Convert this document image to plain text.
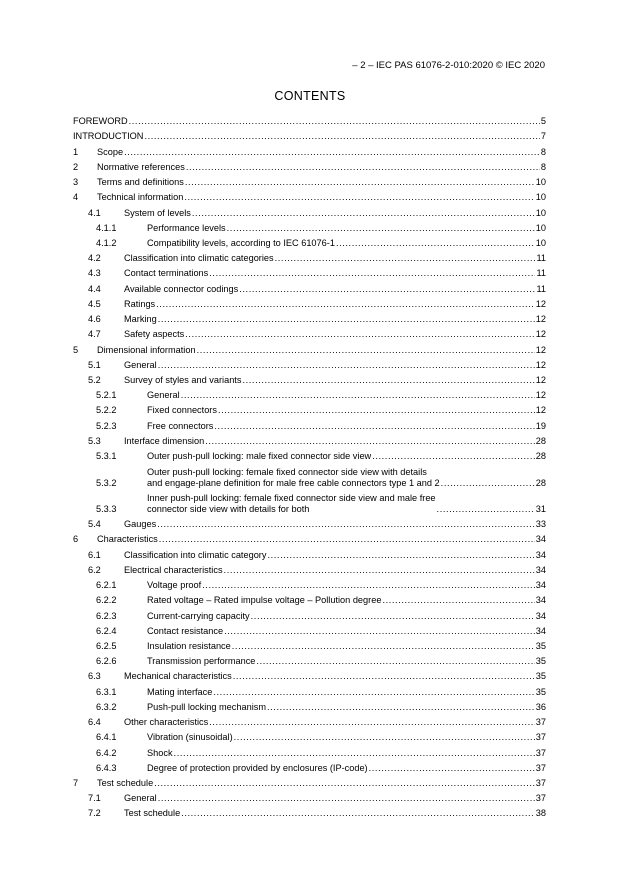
– 2 – IEC PAS 61076-2-010:2020 © IEC 2020
CONTENTS
FOREWORD .....	5
INTRODUCTION .....	7
1	Scope .....	8
2	Normative references .....	8
3	Terms and definitions .....	10
4	Technical information .....	10
4.1	System of levels .....	10
4.1.1	Performance levels .....	10
4.1.2	Compatibility levels, according to IEC 61076-1 .....	10
4.2	Classification into climatic categories .....	11
4.3	Contact terminations .....	11
4.4	Available connector codings .....	11
4.5	Ratings .....	12
4.6	Marking .....	12
4.7	Safety aspects .....	12
5	Dimensional information .....	12
5.1	General .....	12
5.2	Survey of styles and variants .....	12
5.2.1	General .....	12
5.2.2	Fixed connectors .....	12
5.2.3	Free connectors .....	19
5.3	Interface dimension .....	28
5.3.1	Outer push-pull locking: male fixed connector side view .....	28
5.3.2
Outer push-pull locking: female fixed connector side view with details
and engage-plane definition for male free cable connectors type 1 and 2 .....	28
5.3.3
Inner push-pull locking: female fixed connector side view and male free
connector side view with details for both .....	31
5.4	Gauges .....	33
6	Characteristics .....	34
6.1	Classification into climatic category .....	34
6.2	Electrical characteristics .....	34
6.2.1	Voltage proof .....	34
6.2.2	Rated voltage – Rated impulse voltage – Pollution degree .....	34
6.2.3	Current-carrying capacity .....	34
6.2.4	Contact resistance .....	34
6.2.5	Insulation resistance .....	35
6.2.6	Transmission performance .....	35
6.3	Mechanical characteristics .....	35
6.3.1	Mating interface .....	35
6.3.2	Push-pull locking mechanism .....	36
6.4	Other characteristics .....	37
6.4.1	Vibration (sinusoidal) .....	37
6.4.2	Shock .....	37
6.4.3	Degree of protection provided by enclosures (IP-code) .....	37
7	Test schedule .....	37
7.1	General .....	37
7.2	Test schedule .....	38
